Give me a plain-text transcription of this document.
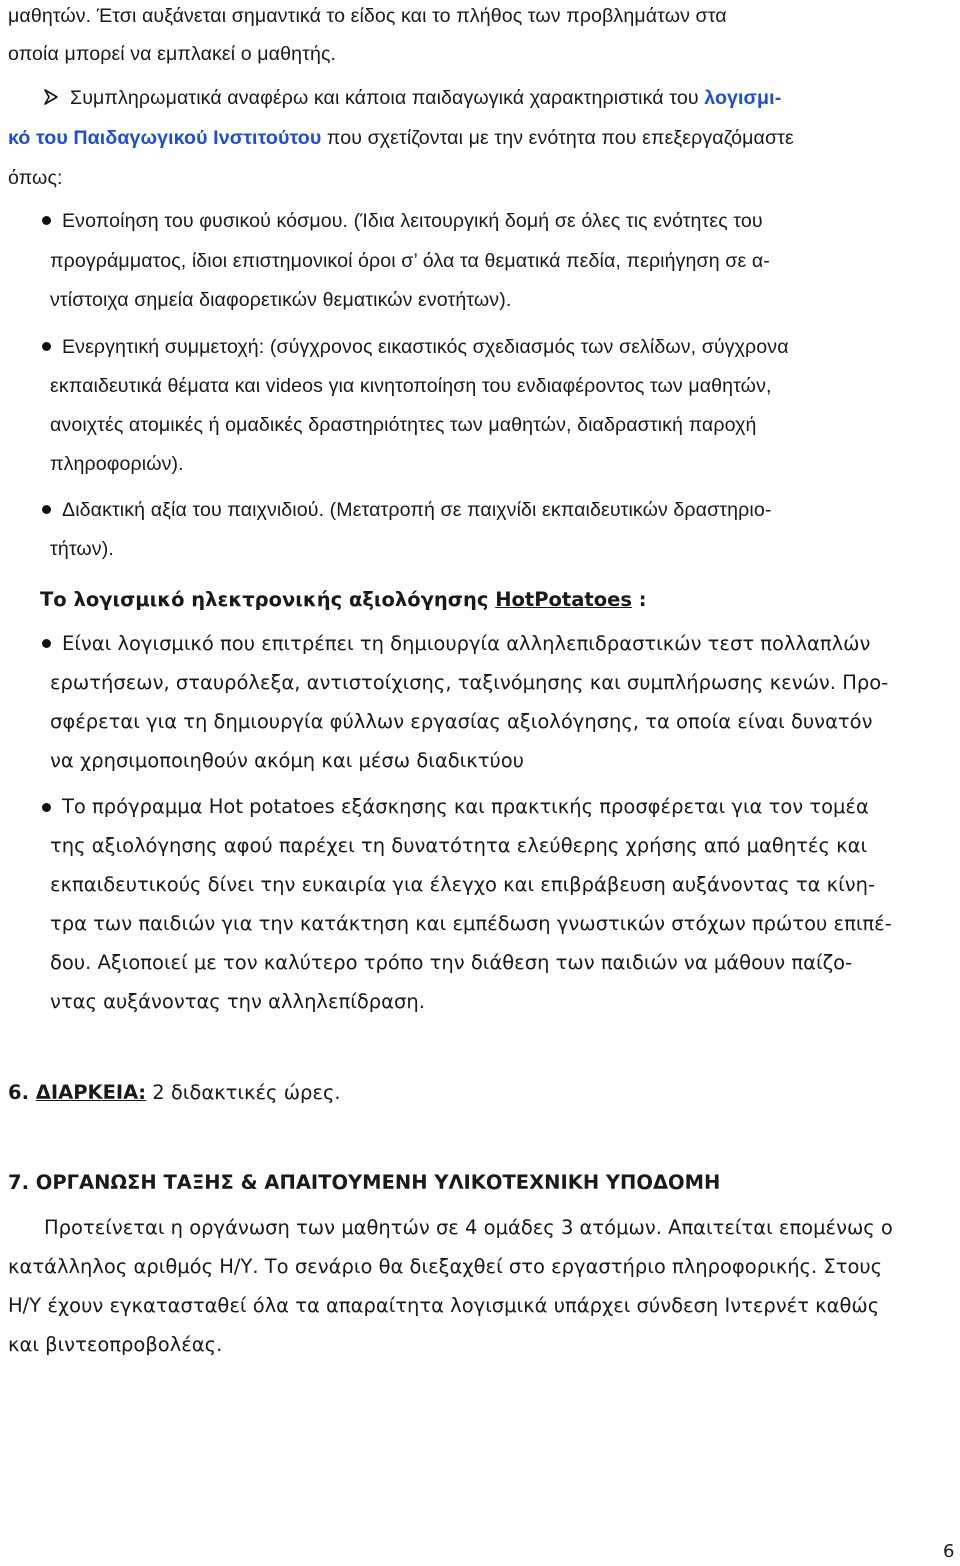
μαθητών. Έτσι αυξάνεται σημαντικά το είδος και το πλήθος των προβλημάτων στα
οποία μπορεί να εμπλακεί ο μαθητής.
Συμπληρωματικά αναφέρω και κάποια παιδαγωγικά χαρακτηριστικά του λογισμι-
κό του Παιδαγωγικού Ινστιτούτου που σχετίζονται με την ενότητα που επεξεργαζόμαστε
όπως:
Ενοποίηση του φυσικού κόσμου. (Ίδια λειτουργική δομή σε όλες τις ενότητες του
προγράμματος, ίδιοι επιστημονικοί όροι σ’ όλα τα θεματικά πεδία, περιήγηση σε α-
ντίστοιχα σημεία διαφορετικών θεματικών ενοτήτων).
Ενεργητική συμμετοχή: (σύγχρονος εικαστικός σχεδιασμός των σελίδων, σύγχρονα
εκπαιδευτικά θέματα και videos για κινητοποίηση του ενδιαφέροντος των μαθητών,
ανοιχτές ατομικές ή ομαδικές δραστηριότητες των μαθητών, διαδραστική παροχή
πληροφοριών).
Διδακτική αξία του παιχνιδιού. (Μετατροπή σε παιχνίδι εκπαιδευτικών δραστηριο-
τήτων).
Το λογισμικό ηλεκτρονικής αξιολόγησης HotPotatoes :
Είναι λογισμικό που επιτρέπει τη δημιουργία αλληλεπιδραστικών τεστ πολλαπλών
ερωτήσεων, σταυρόλεξα, αντιστοίχισης, ταξινόμησης και συμπλήρωσης κενών. Προ-
σφέρεται για τη δημιουργία φύλλων εργασίας αξιολόγησης, τα οποία είναι δυνατόν
να χρησιμοποιηθούν ακόμη και μέσω διαδικτύου
Το πρόγραμμα Hot potatoes εξάσκησης και πρακτικής προσφέρεται για τον τομέα
της αξιολόγησης αφού παρέχει τη δυνατότητα ελεύθερης χρήσης από μαθητές και
εκπαιδευτικούς δίνει την ευκαιρία για έλεγχο και επιβράβευση αυξάνοντας τα κίνη-
τρα των παιδιών για την κατάκτηση και εμπέδωση γνωστικών στόχων πρώτου επιπέ-
δου. Αξιοποιεί με τον καλύτερο τρόπο την διάθεση των παιδιών να μάθουν παίζο-
ντας αυξάνοντας την αλληλεπίδραση.
6. ΔΙΑΡΚΕΙΑ: 2 διδακτικές ώρες.
7. ΟΡΓΑΝΩΣΗ ΤΑΞΗΣ & ΑΠΑΙΤΟΥΜΕΝΗ ΥΛΙΚΟΤΕΧΝΙΚΗ ΥΠΟΔΟΜΗ
Προτείνεται η οργάνωση των μαθητών σε 4 ομάδες 3 ατόμων. Απαιτείται επομένως ο
κατάλληλος αριθμός Η/Υ. Το σενάριο θα διεξαχθεί στο εργαστήριο πληροφορικής. Στους
Η/Υ έχουν εγκατασταθεί όλα τα απαραίτητα λογισμικά υπάρχει σύνδεση Ιντερνέτ καθώς
και βιντεοπροβολέας.
6
